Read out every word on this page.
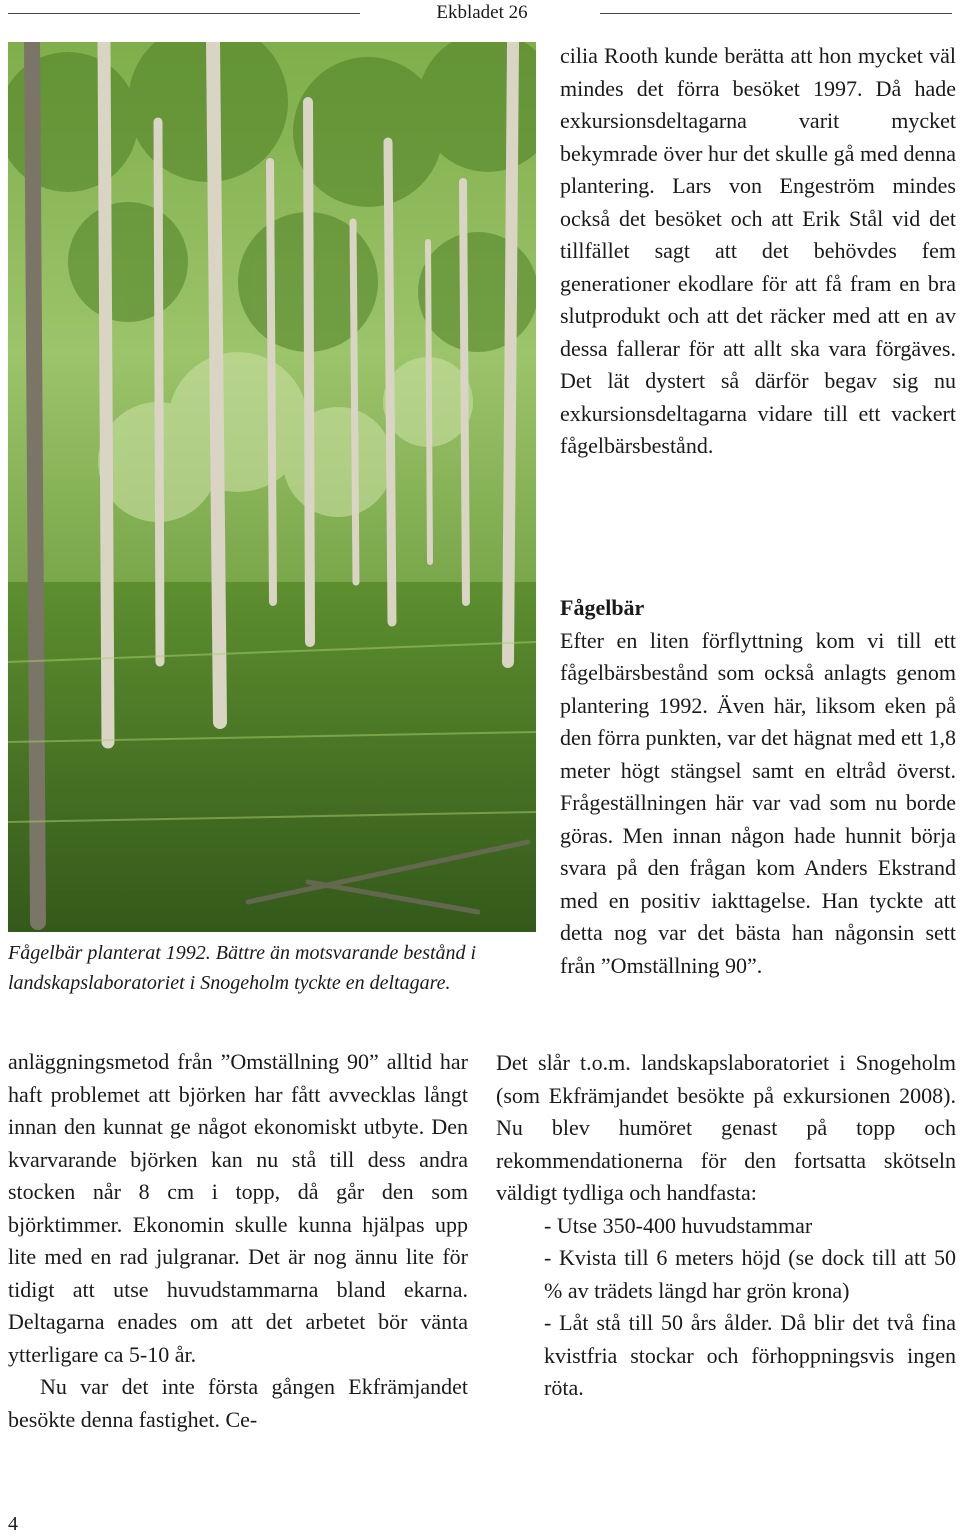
Ekbladet 26
Fågelbär planterat 1992. Bättre än motsvarande bestånd i landskapslaboratoriet i Snogeholm tyckte en deltagare.

cilia Rooth kunde berätta att hon mycket väl mindes det förra besöket 1997. Då hade exkursionsdeltagarna varit mycket bekymrade över hur det skulle gå med denna plantering. Lars von Engeström mindes också det besöket och att Erik Stål vid det tillfället sagt att det behövdes fem generationer ekodlare för att få fram en bra slutprodukt och att det räcker med att en av dessa fallerar för att allt ska vara förgäves. Det lät dystert så därför begav sig nu exkursionsdeltagarna vidare till ett vackert fågelbärsbestånd.

Fågelbär

Efter en liten förflyttning kom vi till ett fågelbärsbestånd som också anlagts genom plantering 1992. Även här, liksom eken på den förra punkten, var det hägnat med ett 1,8 meter högt stängsel samt en eltråd överst. Frågeställningen här var vad som nu borde göras. Men innan någon hade hunnit börja svara på den frågan kom Anders Ekstrand med en positiv iakttagelse. Han tyckte att detta nog var det bästa han någonsin sett från ”Omställning 90”.

anläggningsmetod från ”Omställning 90” alltid har haft problemet att björken har fått avvecklas långt innan den kunnat ge något ekonomiskt utbyte. Den kvarvarande björken kan nu stå till dess andra stocken når 8 cm i topp, då går den som björktimmer. Ekonomin skulle kunna hjälpas upp lite med en rad julgranar. Det är nog ännu lite för tidigt att utse huvudstammarna bland ekarna. Deltagarna enades om att det arbetet bör vänta ytterligare ca 5-10 år.

Nu var det inte första gången Ekfrämjandet besökte denna fastighet. Ce-

Det slår t.o.m. landskapslaboratoriet i Snogeholm (som Ekfrämjandet besökte på exkursionen 2008). Nu blev humöret genast på topp och rekommendationerna för den fortsatta skötseln väldigt tydliga och handfasta:

- Utse 350-400 huvudstammar
- Kvista till 6 meters höjd (se dock till att 50 % av trädets längd har grön krona)
- Låt stå till 50 års ålder. Då blir det två fina kvistfria stockar och förhoppningsvis ingen röta.
4
